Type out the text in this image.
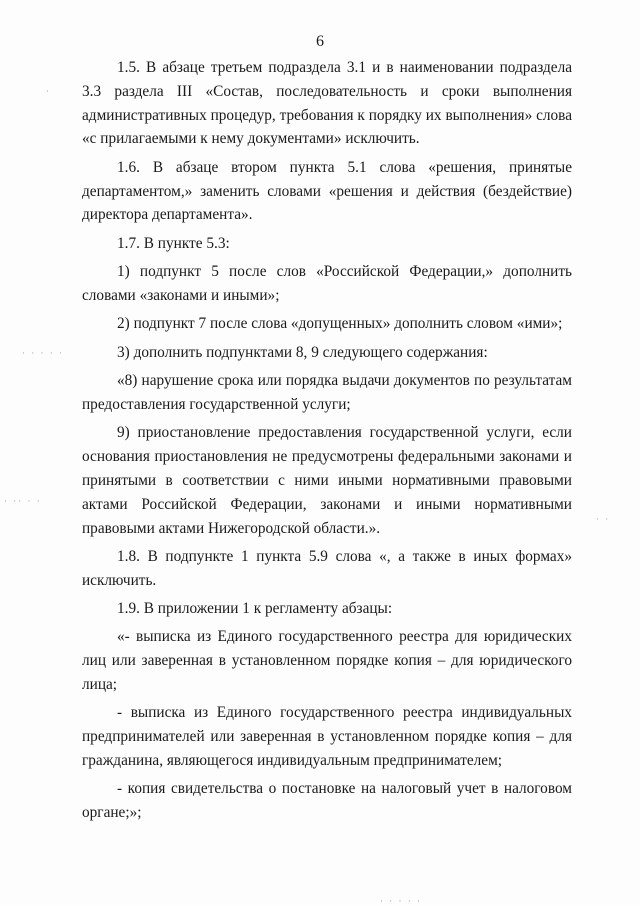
6

1.5. В абзаце третьем подраздела 3.1 и в наименовании подраздела 3.3 раздела III «Состав, последовательность и сроки выполнения административных процедур, требования к порядку их выполнения» слова «с прилагаемыми к нему документами» исключить.

1.6. В абзаце втором пункта 5.1 слова «решения, принятые департаментом,» заменить словами «решения и действия (бездействие) директора департамента».

1.7. В пункте 5.3:

1) подпункт 5 после слов «Российской Федерации,» дополнить словами «законами и иными»;

2) подпункт 7 после слова «допущенных» дополнить словом «ими»;

3) дополнить подпунктами 8, 9 следующего содержания:

«8) нарушение срока или порядка выдачи документов по результатам предоставления государственной услуги;

9) приостановление предоставления государственной услуги, если основания приостановления не предусмотрены федеральными законами и принятыми в соответствии с ними иными нормативными правовыми актами Российской Федерации, законами и иными нормативными правовыми актами Нижегородской области.».

1.8. В подпункте 1 пункта 5.9 слова «, а также в иных формах» исключить.

1.9. В приложении 1 к регламенту абзацы:

«- выписка из Единого государственного реестра для юридических лиц или заверенная в установленном порядке копия – для юридического лица;

- выписка из Единого государственного реестра индивидуальных предпринимателей или заверенная в установленном порядке копия – для гражданина, являющегося индивидуальным предпринимателем;

- копия свидетельства о постановке на налоговый учет в налоговом органе;»;

· · · · ·
· ·· · ·
· ·
·
· · · · ·
